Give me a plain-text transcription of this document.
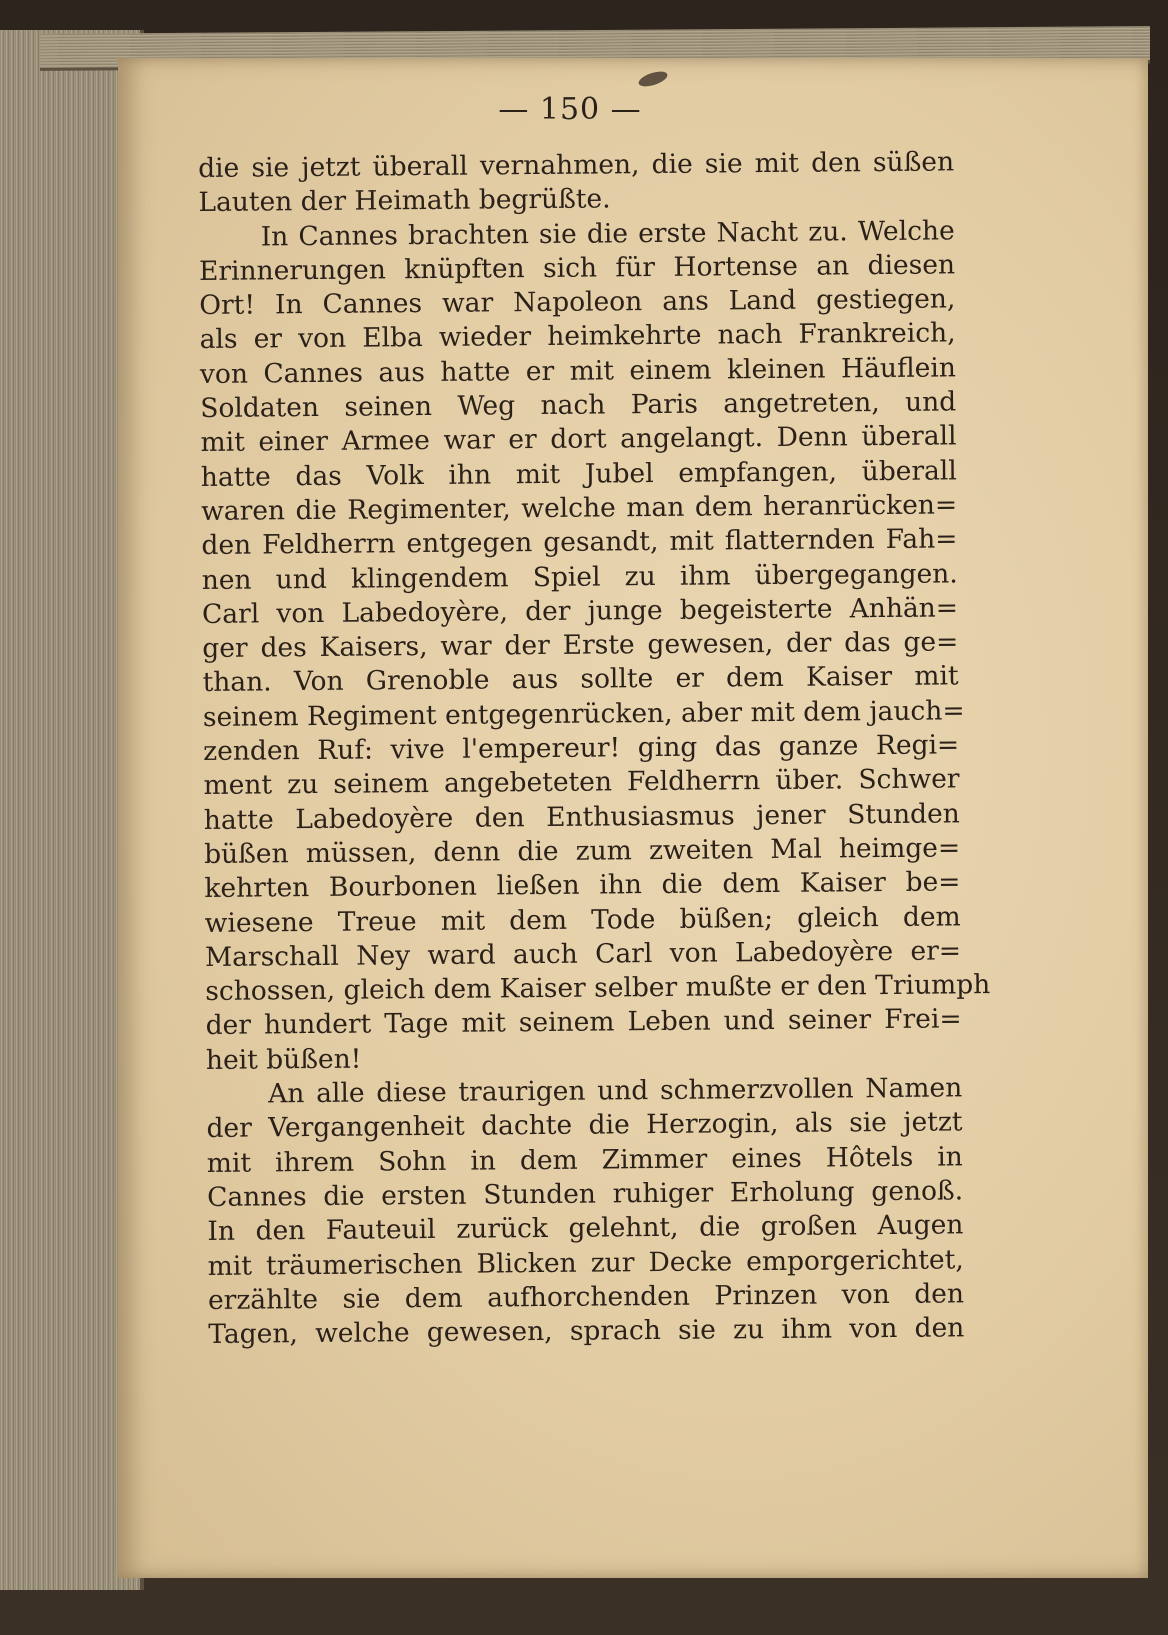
— 150 —
die sie jetzt überall vernahmen, die sie mit den süßen
Lauten der Heimath begrüßte.
In Cannes brachten sie die erste Nacht zu. Welche
Erinnerungen knüpften sich für Hortense an diesen
Ort! In Cannes war Napoleon ans Land gestiegen,
als er von Elba wieder heimkehrte nach Frankreich,
von Cannes aus hatte er mit einem kleinen Häuflein
Soldaten seinen Weg nach Paris angetreten, und
mit einer Armee war er dort angelangt. Denn überall
hatte das Volk ihn mit Jubel empfangen, überall
waren die Regimenter, welche man dem heranrücken=
den Feldherrn entgegen gesandt, mit flatternden Fah=
nen und klingendem Spiel zu ihm übergegangen.
Carl von Labedoyère, der junge begeisterte Anhän=
ger des Kaisers, war der Erste gewesen, der das ge=
than. Von Grenoble aus sollte er dem Kaiser mit
seinem Regiment entgegenrücken, aber mit dem jauch=
zenden Ruf: vive l'empereur! ging das ganze Regi=
ment zu seinem angebeteten Feldherrn über. Schwer
hatte Labedoyère den Enthusiasmus jener Stunden
büßen müssen, denn die zum zweiten Mal heimge=
kehrten Bourbonen ließen ihn die dem Kaiser be=
wiesene Treue mit dem Tode büßen; gleich dem
Marschall Ney ward auch Carl von Labedoyère er=
schossen, gleich dem Kaiser selber mußte er den Triumph
der hundert Tage mit seinem Leben und seiner Frei=
heit büßen!
An alle diese traurigen und schmerzvollen Namen
der Vergangenheit dachte die Herzogin, als sie jetzt
mit ihrem Sohn in dem Zimmer eines Hôtels in
Cannes die ersten Stunden ruhiger Erholung genoß.
In den Fauteuil zurück gelehnt, die großen Augen
mit träumerischen Blicken zur Decke emporgerichtet,
erzählte sie dem aufhorchenden Prinzen von den
Tagen, welche gewesen, sprach sie zu ihm von den
